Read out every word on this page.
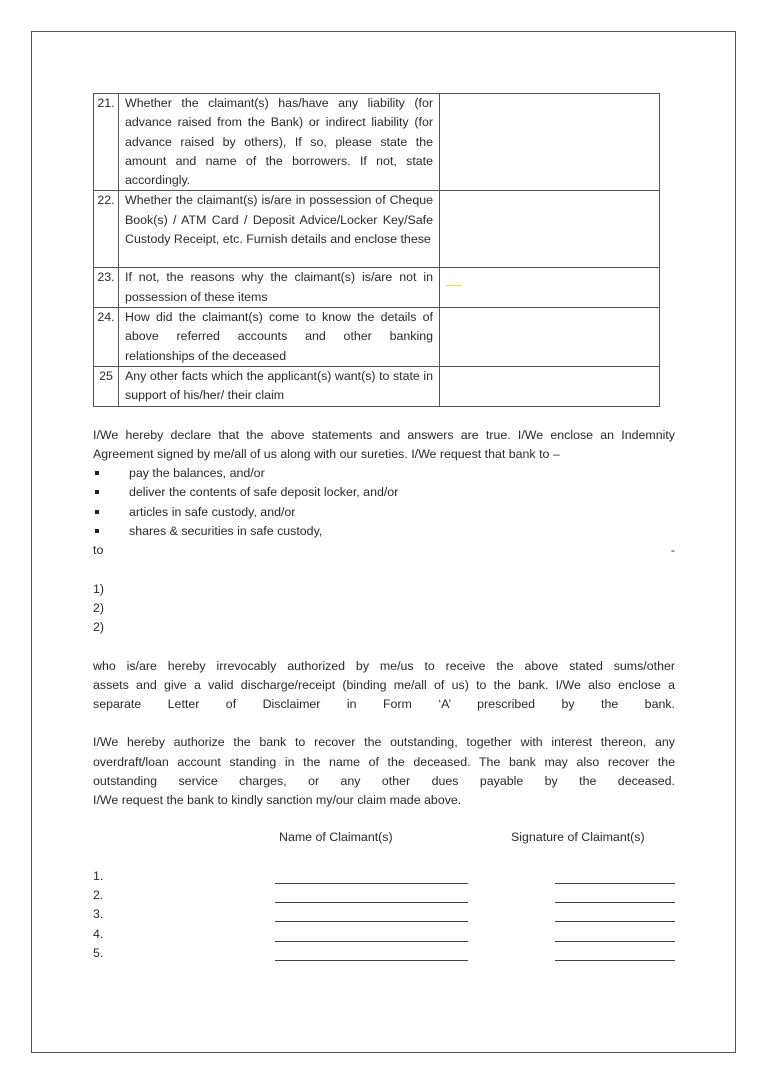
21.	Whether the claimant(s) has/have any liability (for advance raised from the Bank) or indirect liability (for advance raised by others), If so, please state the amount and name of the borrowers. If not, state accordingly.	
22.	Whether the claimant(s) is/are in possession of Cheque Book(s) / ATM Card / Deposit Advice/Locker Key/Safe Custody Receipt, etc. Furnish details and enclose these	
23.	If not, the reasons why the claimant(s) is/are not in possession of these items	

24.	How did the claimant(s) come to know the details of above referred accounts and other banking relationships of the deceased	
25	Any other facts which the applicant(s) want(s) to state in support of his/her/ their claim	

I/We hereby declare that the above statements and answers are true. I/We enclose an Indemnity

Agreement signed by me/all of us along with our sureties. I/We request that bank to –

pay the balances, and/or
deliver the contents of safe deposit locker, and/or
articles in safe custody, and/or
shares & securities in safe custody,
to	-

1)

2)

2)

who is/are hereby irrevocably authorized by me/us to receive the above stated sums/other

assets and give a valid discharge/receipt (binding me/all of us) to the bank. I/We also enclose a

separate Letter of Disclaimer in Form ‘A’ prescribed by the bank.

I/We hereby authorize the bank to recover the outstanding, together with interest thereon, any

overdraft/loan account standing in the name of the deceased. The bank may also recover the

outstanding service charges, or any other dues payable by the deceased.

I/We request the bank to kindly sanction my/our claim made above.

Name of Claimant(s)	Signature of Claimant(s)
1.
2.
3.
4.
5.
